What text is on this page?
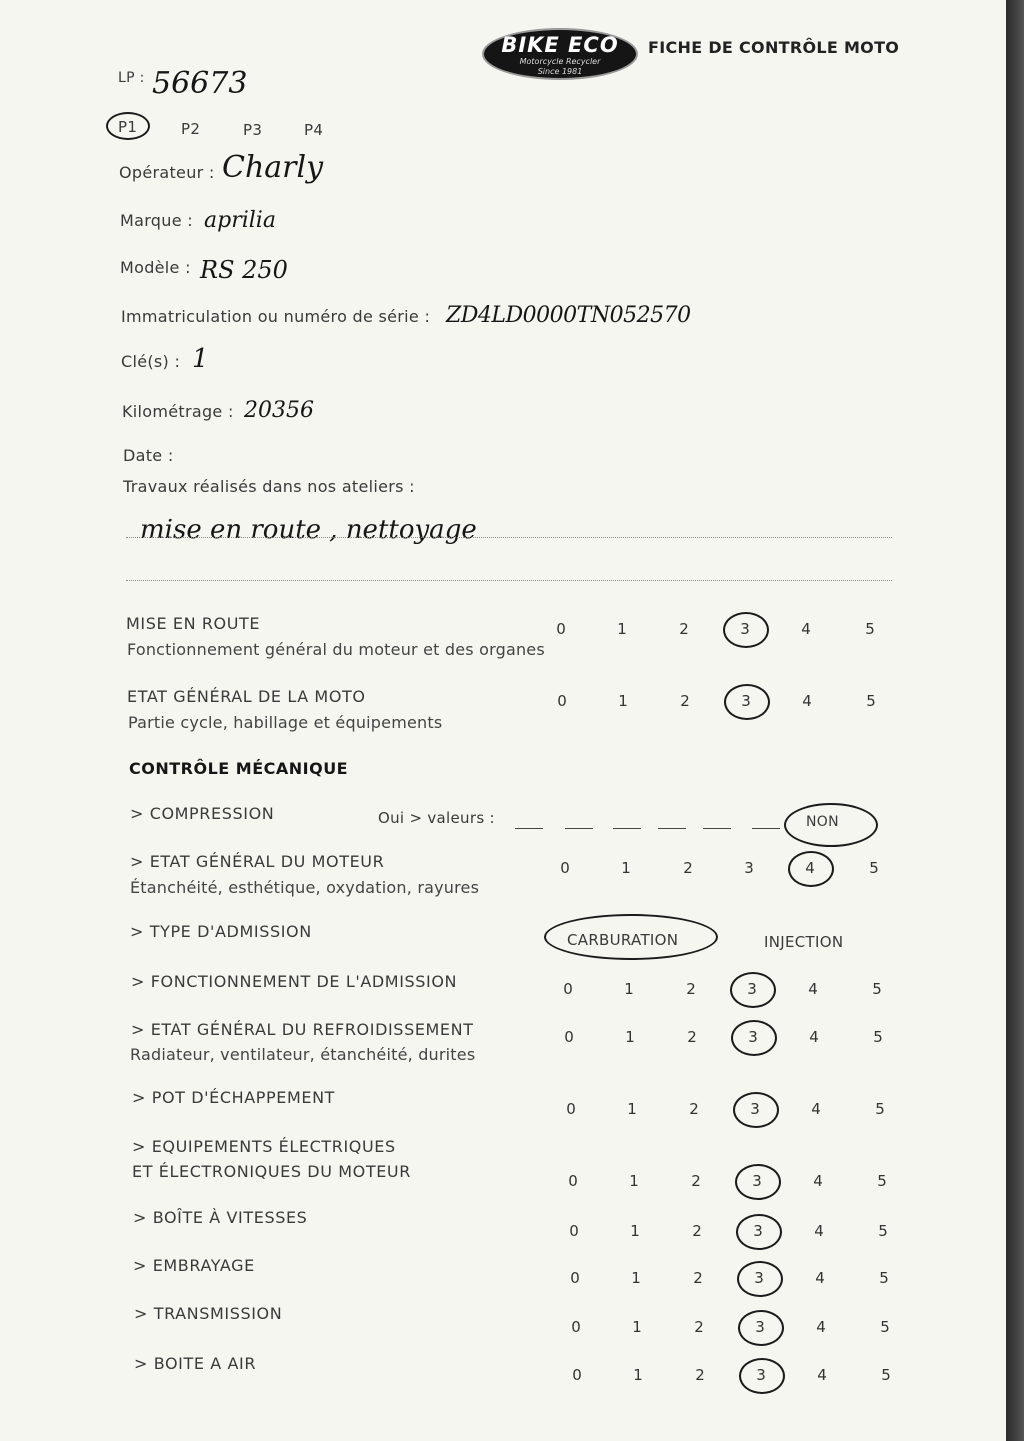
BIKE ECO
Motorcycle Recycler
Since 1981
FICHE DE CONTRÔLE MOTO
LP : 56673
P1	P2	P3	P4
Opérateur : Charly
Marque : aprilia
Modèle : RS 250
Immatriculation ou numéro de série : ZD4LD0000TN052570
Clé(s) : 1
Kilométrage : 20356
Date :
Travaux réalisés dans nos ateliers :
mise en route , nettoyage
MISE EN ROUTE
Fonctionnement général du moteur et des organes
0	1	2	3	4	5
ETAT GÉNÉRAL DE LA MOTO
Partie cycle, habillage et équipements
0	1	2	3	4	5
CONTRÔLE MÉCANIQUE
> COMPRESSION	Oui > valeurs :	NON
> ETAT GÉNÉRAL DU MOTEUR
Étanchéité, esthétique, oxydation, rayures
0	1	2	3	4	5
> TYPE D'ADMISSION	CARBURATION	INJECTION
> FONCTIONNEMENT DE L'ADMISSION	0	1	2	3	4	5
> ETAT GÉNÉRAL DU REFROIDISSEMENT
Radiateur, ventilateur, étanchéité, durites
0	1	2	3	4	5
> POT D'ÉCHAPPEMENT
0	1	2	3	4	5
> EQUIPEMENTS ÉLECTRIQUES
ET ÉLECTRONIQUES DU MOTEUR	0	1	2	3	4	5
> BOÎTE À VITESSES
0	1	2	3	4	5
> EMBRAYAGE
0	1	2	3	4	5
> TRANSMISSION
0	1	2	3	4	5
> BOITE A AIR
0	1	2	3	4	5
